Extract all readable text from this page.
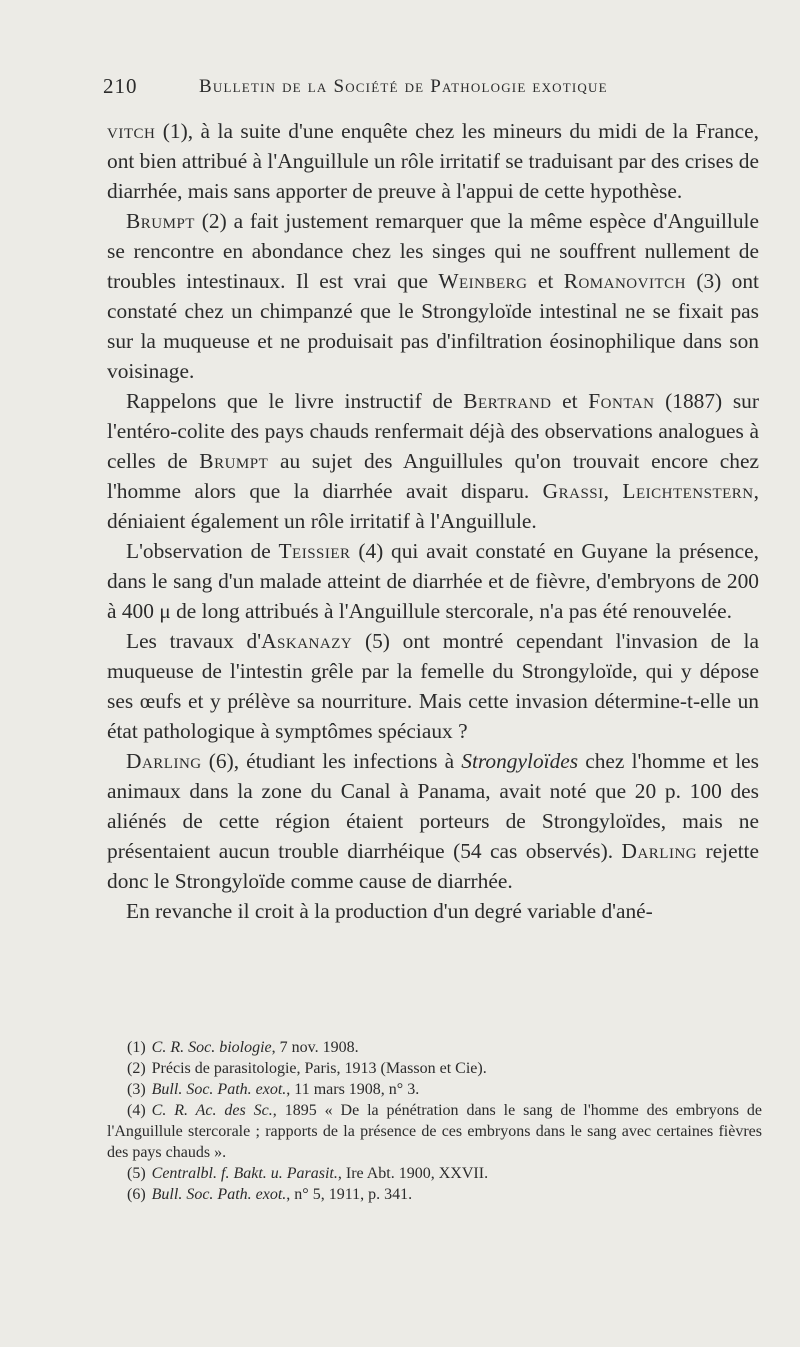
210	Bulletin de la Société de Pathologie exotique

vitch (1), à la suite d'une enquête chez les mineurs du midi de la France, ont bien attribué à l'Anguillule un rôle irritatif se traduisant par des crises de diarrhée, mais sans apporter de preuve à l'appui de cette hypothèse.

Brumpt (2) a fait justement remarquer que la même espèce d'Anguillule se rencontre en abondance chez les singes qui ne souffrent nullement de troubles intestinaux. Il est vrai que Weinberg et Romanovitch (3) ont constaté chez un chimpanzé que le Strongyloïde intestinal ne se fixait pas sur la muqueuse et ne produisait pas d'infiltration éosinophilique dans son voisinage.

Rappelons que le livre instructif de Bertrand et Fontan (1887) sur l'entéro-colite des pays chauds renfermait déjà des observations analogues à celles de Brumpt au sujet des Anguillules qu'on trouvait encore chez l'homme alors que la diarrhée avait disparu. Grassi, Leichtenstern, déniaient également un rôle irritatif à l'Anguillule.

L'observation de Teissier (4) qui avait constaté en Guyane la présence, dans le sang d'un malade atteint de diarrhée et de fièvre, d'embryons de 200 à 400 μ de long attribués à l'Anguillule stercorale, n'a pas été renouvelée.

Les travaux d'Askanazy (5) ont montré cependant l'invasion de la muqueuse de l'intestin grêle par la femelle du Strongyloïde, qui y dépose ses œufs et y prélève sa nourriture. Mais cette invasion détermine-t-elle un état pathologique à symptômes spéciaux ?

Darling (6), étudiant les infections à Strongyloïdes chez l'homme et les animaux dans la zone du Canal à Panama, avait noté que 20 p. 100 des aliénés de cette région étaient porteurs de Strongyloïdes, mais ne présentaient aucun trouble diarrhéique (54 cas observés). Darling rejette donc le Strongyloïde comme cause de diarrhée.

En revanche il croit à la production d'un degré variable d'ané-

(1) C. R. Soc. biologie, 7 nov. 1908.

(2) Précis de parasitologie, Paris, 1913 (Masson et Cie).

(3) Bull. Soc. Path. exot., 11 mars 1908, n° 3.

(4) C. R. Ac. des Sc., 1895 « De la pénétration dans le sang de l'homme des embryons de l'Anguillule stercorale ; rapports de la présence de ces embryons dans le sang avec certaines fièvres des pays chauds ».

(5) Centralbl. f. Bakt. u. Parasit., Ire Abt. 1900, XXVII.

(6) Bull. Soc. Path. exot., n° 5, 1911, p. 341.
